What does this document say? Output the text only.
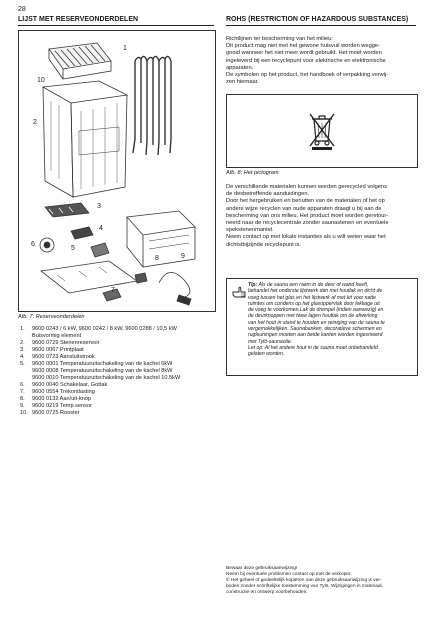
28
LIJST MET RESERVEONDERDELEN	ROHS (RESTRICTION OF HAZARDOUS SUBSTANCES)
1
10
2
3
4
6
5
8	9
7
Afb. 7: Reserveonderdelen
1.	9600 0243 / 6 kW, 9600 0242 / 8 kW, 9600 0288 / 10,5 kW
Buisvormig element
2.	9600 0729 Stenenreservoir
3.	9600 0067 Printplaat
4.	9600 0723 Aansluitstrook
5.	9600 0001 Temperatuuruitschakeling van de kachel 6kW
9600 0008 Temperatuuruitschakeling van de kachel 8kW
9600 0010 Temperatuuruitschakeling van de kachel 10.5kW
6.	9600 0040 Schakelaar, Gottak
7.	9600 0554 Trekontlasting
8.	9600 0132 Aan/uit-knop
9.	9600 0219 Temp.sensor
10. 9600 0725 Rooster
Richtlijnen ter bescherming van het milieu:
Dit product mag niet met het gewone huisvuil worden wegge-
gooid wanneer het niet meer wordt gebruikt. Het moet worden
ingeleverd bij een recyclepunt voor elektrische en elektronische
apparaten.
De symbolen op het product, het handboek of verpakking verwij-
zen hiernaar.
Afb. 8; Het pictogram
De verschillende materialen kunnen worden gerecycled volgens
de desbetreffende aanduidingen.
Door het hergebruiken en benutten van de materialen of het op
andere wijze recyclen van oude apparaten draagt u bij aan de
bescherming van ons milieu. Het product moet worden geretour-
neerd naar de recyclecentrale zonder saunastenen en eventuele
spekstenenmantel.
Neem contact op met lokale instanties als u wilt weten waar het
dichtstbijzijnde recyclepunt is.
Tip: Als de sauna een raam in de deur of wand heeft,
behandel het onderste lijstwerk dan met houtlak en dicht de
voeg tussen het glas en het lijstwerk af met kit voor natte
ruimtes om condens op het glasoppervlak door lekkage uit
de voeg te voorkomen.Lak de drempel (indien aanwezig) en
de deurknoppen met twee lagen houtlak om de afwerking
van het hout in stand te houden en reiniging van de sauna te
vergemakkelijken. Saunabanken, decoratieve schermen en
rugleuningen moeten aan beide kanten worden ingesmeerd
met Tylö-saunaolie.
Let op: Al het andere hout in de sauna moet onbehandeld
gelaten worden.
Bewaar deze gebruiksaanwijzing!
Neem bij eventuele problemen contact op met de verkoper.
© Het geheel of gedeeltelijk kopiëren van deze gebruiksaanwijzing is ver-
boden zonder schriftelijke toestemming van Tylö. Wijzigingen in materiaal,
constructie en ontwerp voorbehouden.
